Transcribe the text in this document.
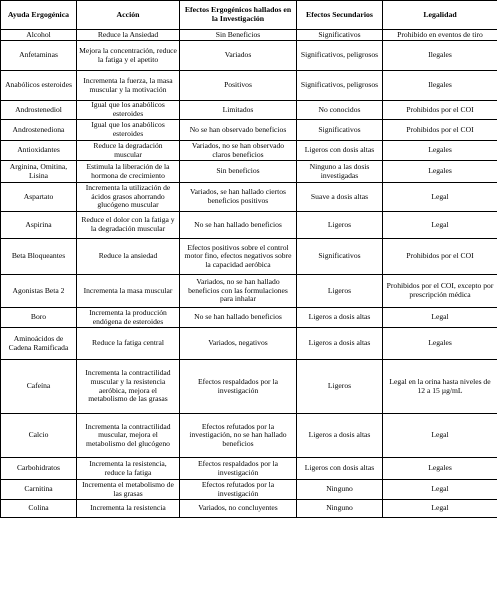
Ayuda Ergogénica	Acción	Efectos Ergogénicos hallados en la Investigación	Efectos Secundarios	Legalidad
Alcohol	Reduce la Ansiedad	Sin Beneficios	Significativos	Prohibido en eventos de tiro
Anfetaminas	Mejora la concentración, reduce la fatiga y el apetito	Variados	Significativos, peligrosos	Ilegales
Anabólicos esteroides	Incrementa la fuerza, la masa muscular y la motivación	Positivos	Significativos, peligrosos	Ilegales
Androstenediol	Igual que los anabólicos esteroides	Limitados	No conocidos	Prohibidos por el COI
Androstenediona	Igual que los anabólicos esteroides	No se han observado beneficios	Significativos	Prohibidos por el COI
Antioxidantes	Reduce la degradación muscular	Variados, no se han observado claros beneficios	Ligeros con dosis altas	Legales
Arginina, Omitina, Lisina	Estimula la liberación de la hormona de crecimiento	Sin beneficios	Ninguno a las dosis investigadas	Legales
Aspartato	Incrementa la utilización de ácidos grasos ahorrando glucógeno muscular	Variados, se han hallado ciertos beneficios positivos	Suave a dosis altas	Legal
Aspirina	Reduce el dolor con la fatiga y la degradación muscular	No se han hallado beneficios	Ligeros	Legal
Beta Bloqueantes	Reduce la ansiedad	Efectos positivos sobre el control motor fino, efectos negativos sobre la capacidad aeróbica	Significativos	Prohibidos por el COI
Agonistas Beta 2	Incrementa la masa muscular	Variados, no se han hallado beneficios con las formulaciones para inhalar	Ligeros	Prohibidos por el COI, excepto por prescripción médica
Boro	Incrementa la producción endógena de esteroides	No se han hallado beneficios	Ligeros a dosis altas	Legal
Aminoácidos de Cadena Ramificada	Reduce la fatiga central	Variados, negativos	Ligeros a dosis altas	Legales
Cafeína	Incrementa la contractilidad muscular y la resistencia aeróbica, mejora el metabolismo de las grasas	Efectos respaldados por la investigación	Ligeros	Legal en la orina hasta niveles de 12 a 15 µg/mL
Calcio	Incrementa la contractilidad muscular, mejora el metabolismo del glucógeno	Efectos refutados por la investigación, no se han hallado beneficios	Ligeros a dosis altas	Legal
Carbohidratos	Incrementa la resistencia, reduce la fatiga	Efectos respaldados por la investigación	Ligeros con dosis altas	Legales
Carnitina	Incrementa el metabolismo de las grasas	Efectos refutados por la investigación	Ninguno	Legal
Colina	Incrementa la resistencia	Variados, no concluyentes	Ninguno	Legal
